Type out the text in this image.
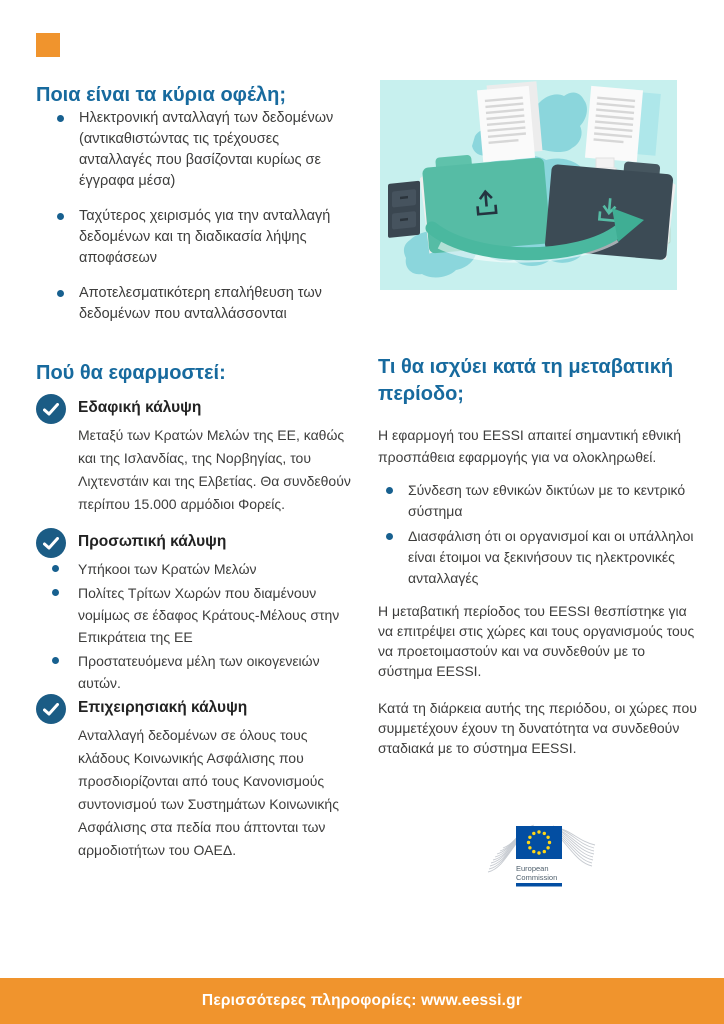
Ποια είναι τα κύρια οφέλη;
Ηλεκτρονική ανταλλαγή των δεδομένων (αντικαθιστώντας τις τρέχουσες ανταλλαγές που βασίζονται κυρίως σε έγγραφα μέσα)
Ταχύτερος χειρισμός για την ανταλλαγή δεδομένων και τη διαδικασία λήψης αποφάσεων
Αποτελεσματικότερη επαλήθευση των δεδομένων που ανταλλάσσονται
Πού θα εφαρμοστεί:
Εδαφική κάλυψη

Μεταξύ των Κρατών Μελών της ΕΕ, καθώς και της Ισλανδίας, της Νορβηγίας, του Λιχτενστάιν και της Ελβετίας. Θα συνδεθούν περίπου 15.000 αρμόδιοι Φορείς.

Προσωπική κάλυψη
Υπήκοοι των Κρατών Μελών
Πολίτες Τρίτων Χωρών που διαμένουν νομίμως σε έδαφος Κράτους-Μέλους στην Επικράτεια της ΕΕ
Προστατευόμενα μέλη των οικογενειών αυτών.
Επιχειρησιακή κάλυψη

Ανταλλαγή δεδομένων σε όλους τους κλάδους Κοινωνικής Ασφάλισης που προσδιορίζονται από τους Κανονισμούς συντονισμού των Συστημάτων Κοινωνικής Ασφάλισης στα πεδία που άπτονται των αρμοδιοτήτων του ΟΑΕΔ.

Τι θα ισχύει κατά τη μεταβατική περίοδο;

Η εφαρμογή του EESSI απαιτεί σημαντική εθνική προσπάθεια εφαρμογής για να ολοκληρωθεί.

Σύνδεση των εθνικών δικτύων με το κεντρικό σύστημα
Διασφάλιση ότι οι οργανισμοί και οι υπάλληλοι είναι έτοιμοι να ξεκινήσουν τις ηλεκτρονικές ανταλλαγές

Η μεταβατική περίοδος του EESSI θεσπίστηκε για να επιτρέψει στις χώρες και τους οργανισμούς τους να προετοιμαστούν και να συνδεθούν με το σύστημα EESSI.

Κατά τη διάρκεια αυτής της περιόδου, οι χώρες που συμμετέχουν έχουν τη δυνατότητα να συνδεθούν σταδιακά με το σύστημα EESSI.

European
Commission
Περισσότερες πληροφορίες: www.eessi.gr
